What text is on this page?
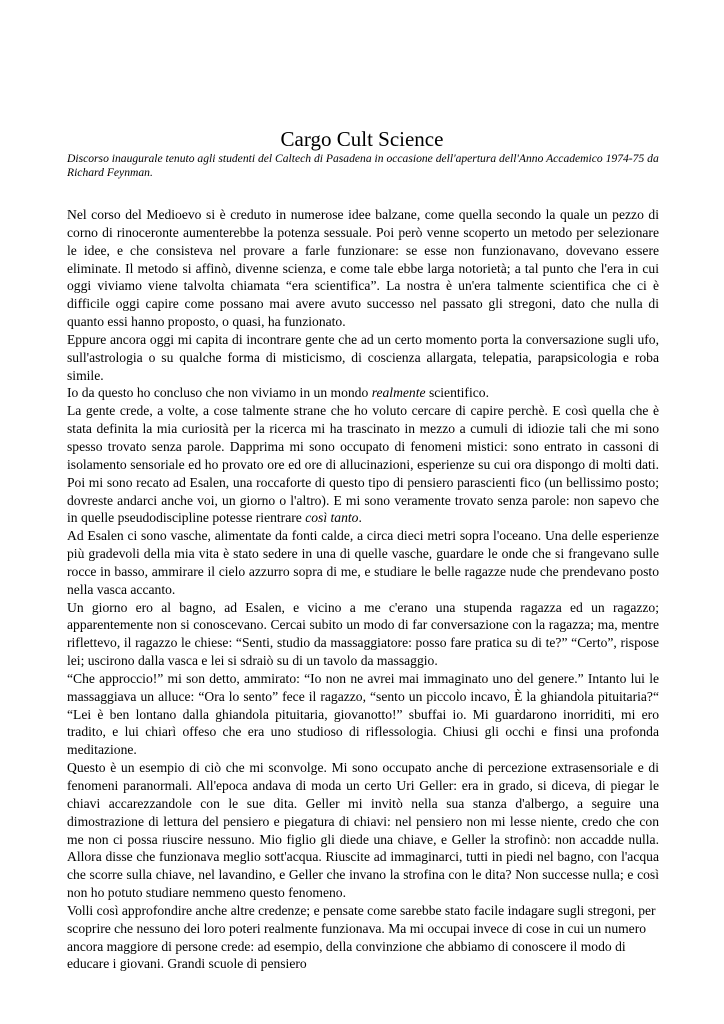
Cargo Cult Science

Discorso inaugurale tenuto agli studenti del Caltech di Pasadena in occasione dell'apertura dell'Anno Accademico 1974-75 da Richard Feynman.

Nel corso del Medioevo si è creduto in numerose idee balzane, come quella secondo la quale un pezzo di corno di rinoceronte aumenterebbe la potenza sessuale. Poi però venne scoperto un metodo per selezionare le idee, e che consisteva nel provare a farle funzionare: se esse non funzionavano, dovevano essere eliminate. Il metodo si affinò, divenne scienza, e come tale ebbe larga notorietà; a tal punto che l'era in cui oggi viviamo viene talvolta chiamata “era scientifica”. La nostra è un'era talmente scientifica che ci è difficile oggi capire come possano mai avere avuto successo nel passato gli stregoni, dato che nulla di quanto essi hanno proposto, o quasi, ha funzionato.

Eppure ancora oggi mi capita di incontrare gente che ad un certo momento porta la conversazione sugli ufo, sull'astrologia o su qualche forma di misticismo, di coscienza allargata, telepatia, parapsicologia e roba simile.

Io da questo ho concluso che non viviamo in un mondo realmente scientifico.

La gente crede, a volte, a cose talmente strane che ho voluto cercare di capire perchè. E così quella che è stata definita la mia curiosità per la ricerca mi ha trascinato in mezzo a cumuli di idiozie tali che mi sono spesso trovato senza parole. Dapprima mi sono occupato di fenomeni mistici: sono entrato in cassoni di isolamento sensoriale ed ho provato ore ed ore di allucinazioni, esperienze su cui ora dispongo di molti dati. Poi mi sono recato ad Esalen, una roccaforte di questo tipo di pensiero parascienti fico (un bellissimo posto; dovreste andarci anche voi, un giorno o l'altro). E mi sono veramente trovato senza parole: non sapevo che in quelle pseudodiscipline potesse rientrare così tanto.

Ad Esalen ci sono vasche, alimentate da fonti calde, a circa dieci metri sopra l'oceano. Una delle esperienze più gradevoli della mia vita è stato sedere in una di quelle vasche, guardare le onde che si frangevano sulle rocce in basso, ammirare il cielo azzurro sopra di me, e studiare le belle ragazze nude che prendevano posto nella vasca accanto.

Un giorno ero al bagno, ad Esalen, e vicino a me c'erano una stupenda ragazza ed un ragazzo; apparentemente non si conoscevano. Cercai subito un modo di far conversazione con la ragazza; ma, mentre riflettevo, il ragazzo le chiese: “Senti, studio da massaggiatore: posso fare pratica su di te?” “Certo”, rispose lei; uscirono dalla vasca e lei si sdraiò su di un tavolo da massaggio.

“Che approccio!” mi son detto, ammirato: “Io non ne avrei mai immaginato uno del genere.” Intanto lui le massaggiava un alluce: “Ora lo sento” fece il ragazzo, “sento un piccolo incavo, È la ghiandola pituitaria?“ “Lei è ben lontano dalla ghiandola pituitaria, giovanotto!” sbuffai io. Mi guardarono inorriditi, mi ero tradito, e lui chiarì offeso che era uno studioso di riflessologia. Chiusi gli occhi e finsi una profonda meditazione.

Questo è un esempio di ciò che mi sconvolge. Mi sono occupato anche di percezione extrasensoriale e di fenomeni paranormali. All'epoca andava di moda un certo Uri Geller: era in grado, si diceva, di piegar le chiavi accarezzandole con le sue dita. Geller mi invitò nella sua stanza d'albergo, a seguire una dimostrazione di lettura del pensiero e piegatura di chiavi: nel pensiero non mi lesse niente, credo che con me non ci possa riuscire nessuno. Mio figlio gli diede una chiave, e Geller la strofinò: non accadde nulla. Allora disse che funzionava meglio sott'acqua. Riuscite ad immaginarci, tutti in piedi nel bagno, con l'acqua che scorre sulla chiave, nel lavandino, e Geller che invano la strofina con le dita? Non successe nulla; e così non ho potuto studiare nemmeno questo fenomeno.

Volli così approfondire anche altre credenze; e pensate come sarebbe stato facile indagare sugli stregoni, per scoprire che nessuno dei loro poteri realmente funzionava. Ma mi occupai invece di cose in cui un numero ancora maggiore di persone crede: ad esempio, della convinzione che abbiamo di conoscere il modo di educare i giovani. Grandi scuole di pensiero
